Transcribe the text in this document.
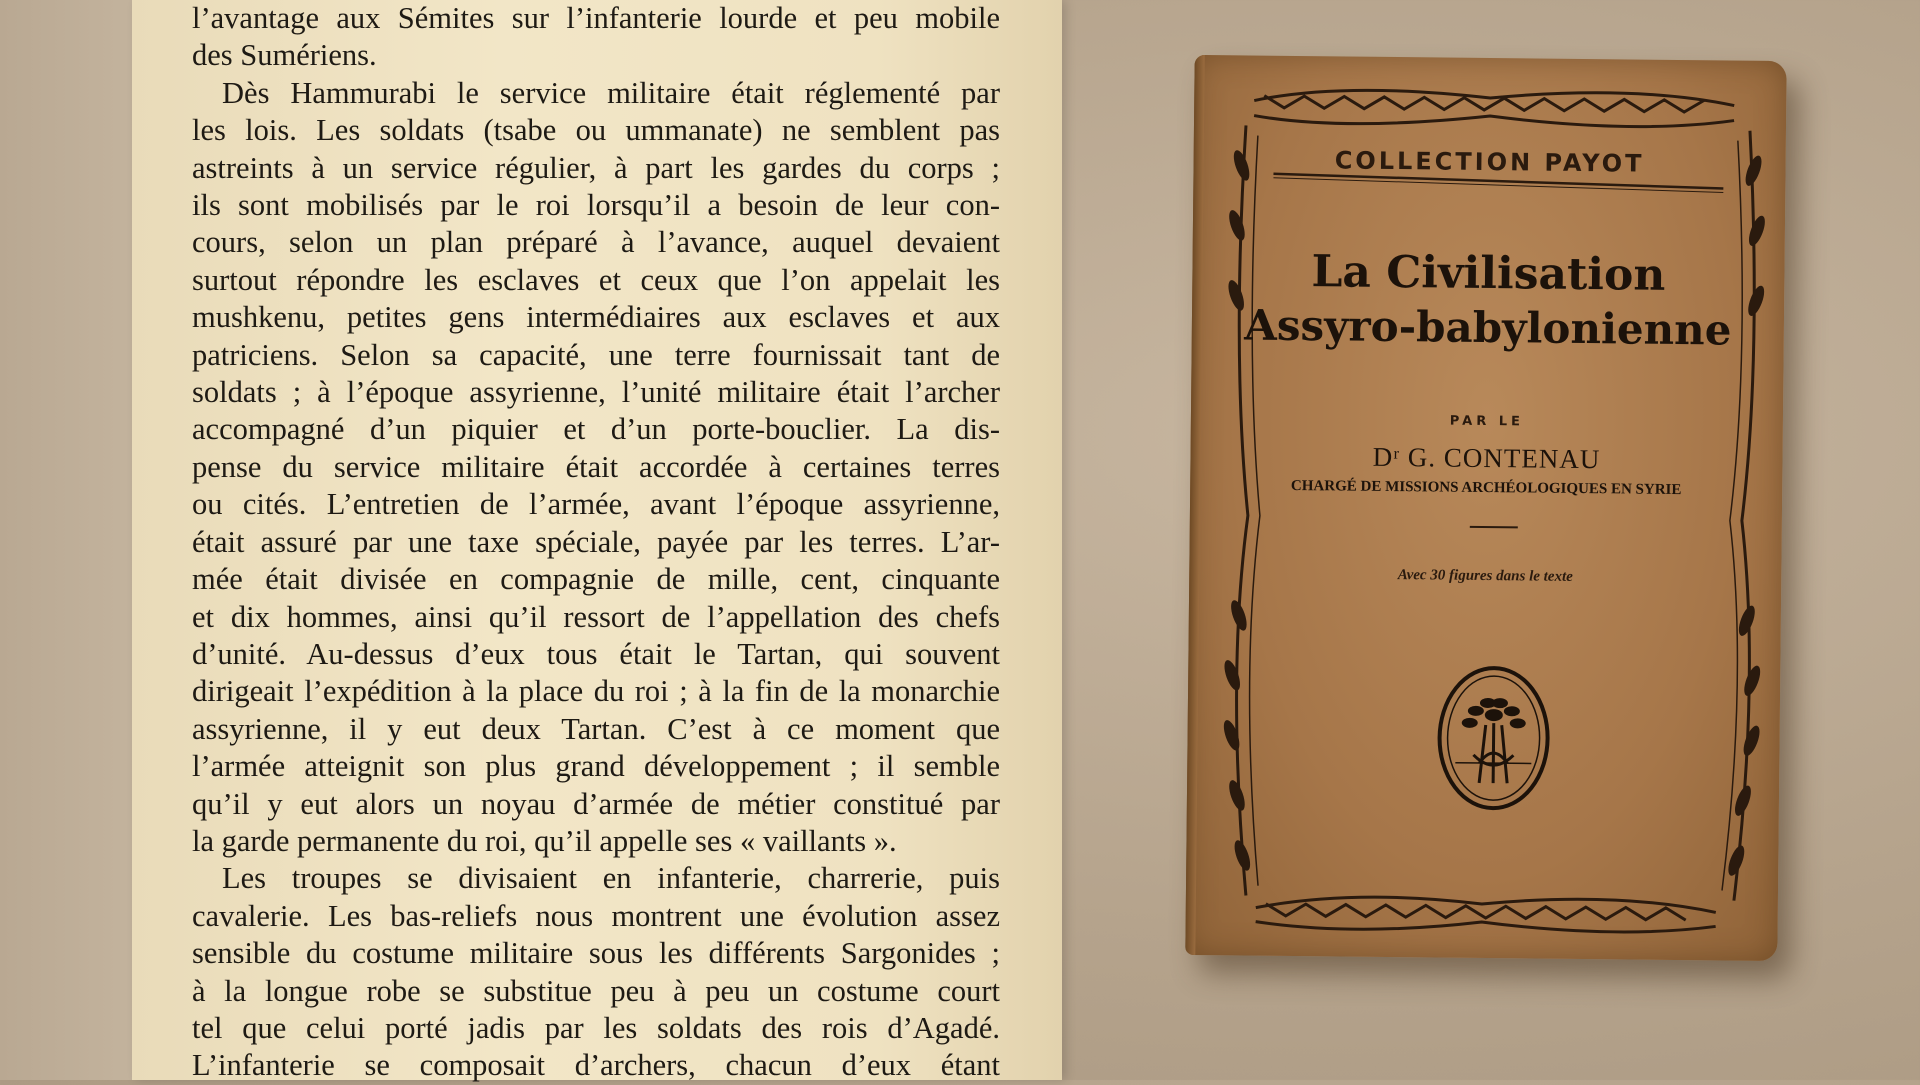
l’avantage aux Sémites sur l’infanterie lourde et peu mobile
des Sumériens.
Dès Hammurabi le service militaire était réglementé par
les lois. Les soldats (tsabe ou ummanate) ne semblent pas
astreints à un service régulier, à part les gardes du corps ;
ils sont mobilisés par le roi lorsqu’il a besoin de leur con-
cours, selon un plan préparé à l’avance, auquel devaient
surtout répondre les esclaves et ceux que l’on appelait les
mushkenu, petites gens intermédiaires aux esclaves et aux
patriciens. Selon sa capacité, une terre fournissait tant de
soldats ; à l’époque assyrienne, l’unité militaire était l’archer
accompagné d’un piquier et d’un porte-bouclier. La dis-
pense du service militaire était accordée à certaines terres
ou cités. L’entretien de l’armée, avant l’époque assyrienne,
était assuré par une taxe spéciale, payée par les terres. L’ar-
mée était divisée en compagnie de mille, cent, cinquante
et dix hommes, ainsi qu’il ressort de l’appellation des chefs
d’unité. Au-dessus d’eux tous était le Tartan, qui souvent
dirigeait l’expédition à la place du roi ; à la fin de la monarchie
assyrienne, il y eut deux Tartan. C’est à ce moment que
l’armée atteignit son plus grand développement ; il semble
qu’il y eut alors un noyau d’armée de métier constitué par
la garde permanente du roi, qu’il appelle ses « vaillants ».
Les troupes se divisaient en infanterie, charrerie, puis
cavalerie. Les bas-reliefs nous montrent une évolution assez
sensible du costume militaire sous les différents Sargonides ;
à la longue robe se substitue peu à peu un costume court
tel que celui porté jadis par les soldats des rois d’Agadé.
L’infanterie se composait d’archers, chacun d’eux étant
COLLECTION PAYOT
La Civilisation
Assyro-babylonienne
PAR LE
Dʳ G. CONTENAU
CHARGÉ DE MISSIONS ARCHÉOLOGIQUES EN SYRIE
Avec 30 figures dans le texte
